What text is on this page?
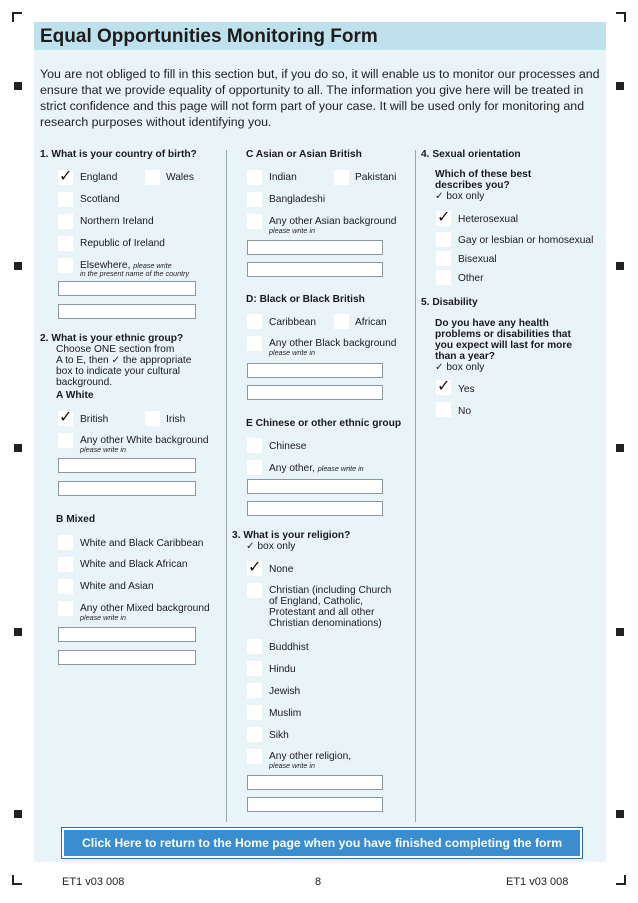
Equal Opportunities Monitoring Form
You are not obliged to fill in this section but, if you do so, it will enable us to monitor our processes and ensure that we provide equality of opportunity to all. The information you give here will be treated in strict confidence and this page will not form part of your case. It will be used only for monitoring and research purposes without identifying you.
1. What is your country of birth?
✓ England	Wales
Scotland
Northern Ireland
Republic of Ireland
Elsewhere, please write
in the present name of the country
2. What is your ethnic group?
Choose ONE section from
A to E, then ✓ the appropriate
box to indicate your cultural
background.
A White
✓ British	Irish
Any other White background
please write in
B Mixed
White and Black Caribbean
White and Black African
White and Asian
Any other Mixed background
please write in
C Asian or Asian British
Indian	Pakistani
Bangladeshi
Any other Asian background
please write in
D: Black or Black British
Caribbean	African
Any other Black background
please write in
E Chinese or other ethnic group
Chinese
Any other, please write in
3. What is your religion?
✓ box only
✓ None
Christian (including Church
of England, Catholic,
Protestant and all other
Christian denominations)
Buddhist
Hindu
Jewish
Muslim
Sikh
Any other religion,
please write in
4. Sexual orientation
Which of these best
describes you?
✓ box only
✓ Heterosexual
Gay or lesbian or homosexual
Bisexual
Other
5. Disability
Do you have any health
problems or disabilities that
you expect will last for more
than a year?
✓ box only
✓ Yes
No
Click Here to return to the Home page when you have finished completing the form
ET1 v03 008	8	ET1 v03 008
